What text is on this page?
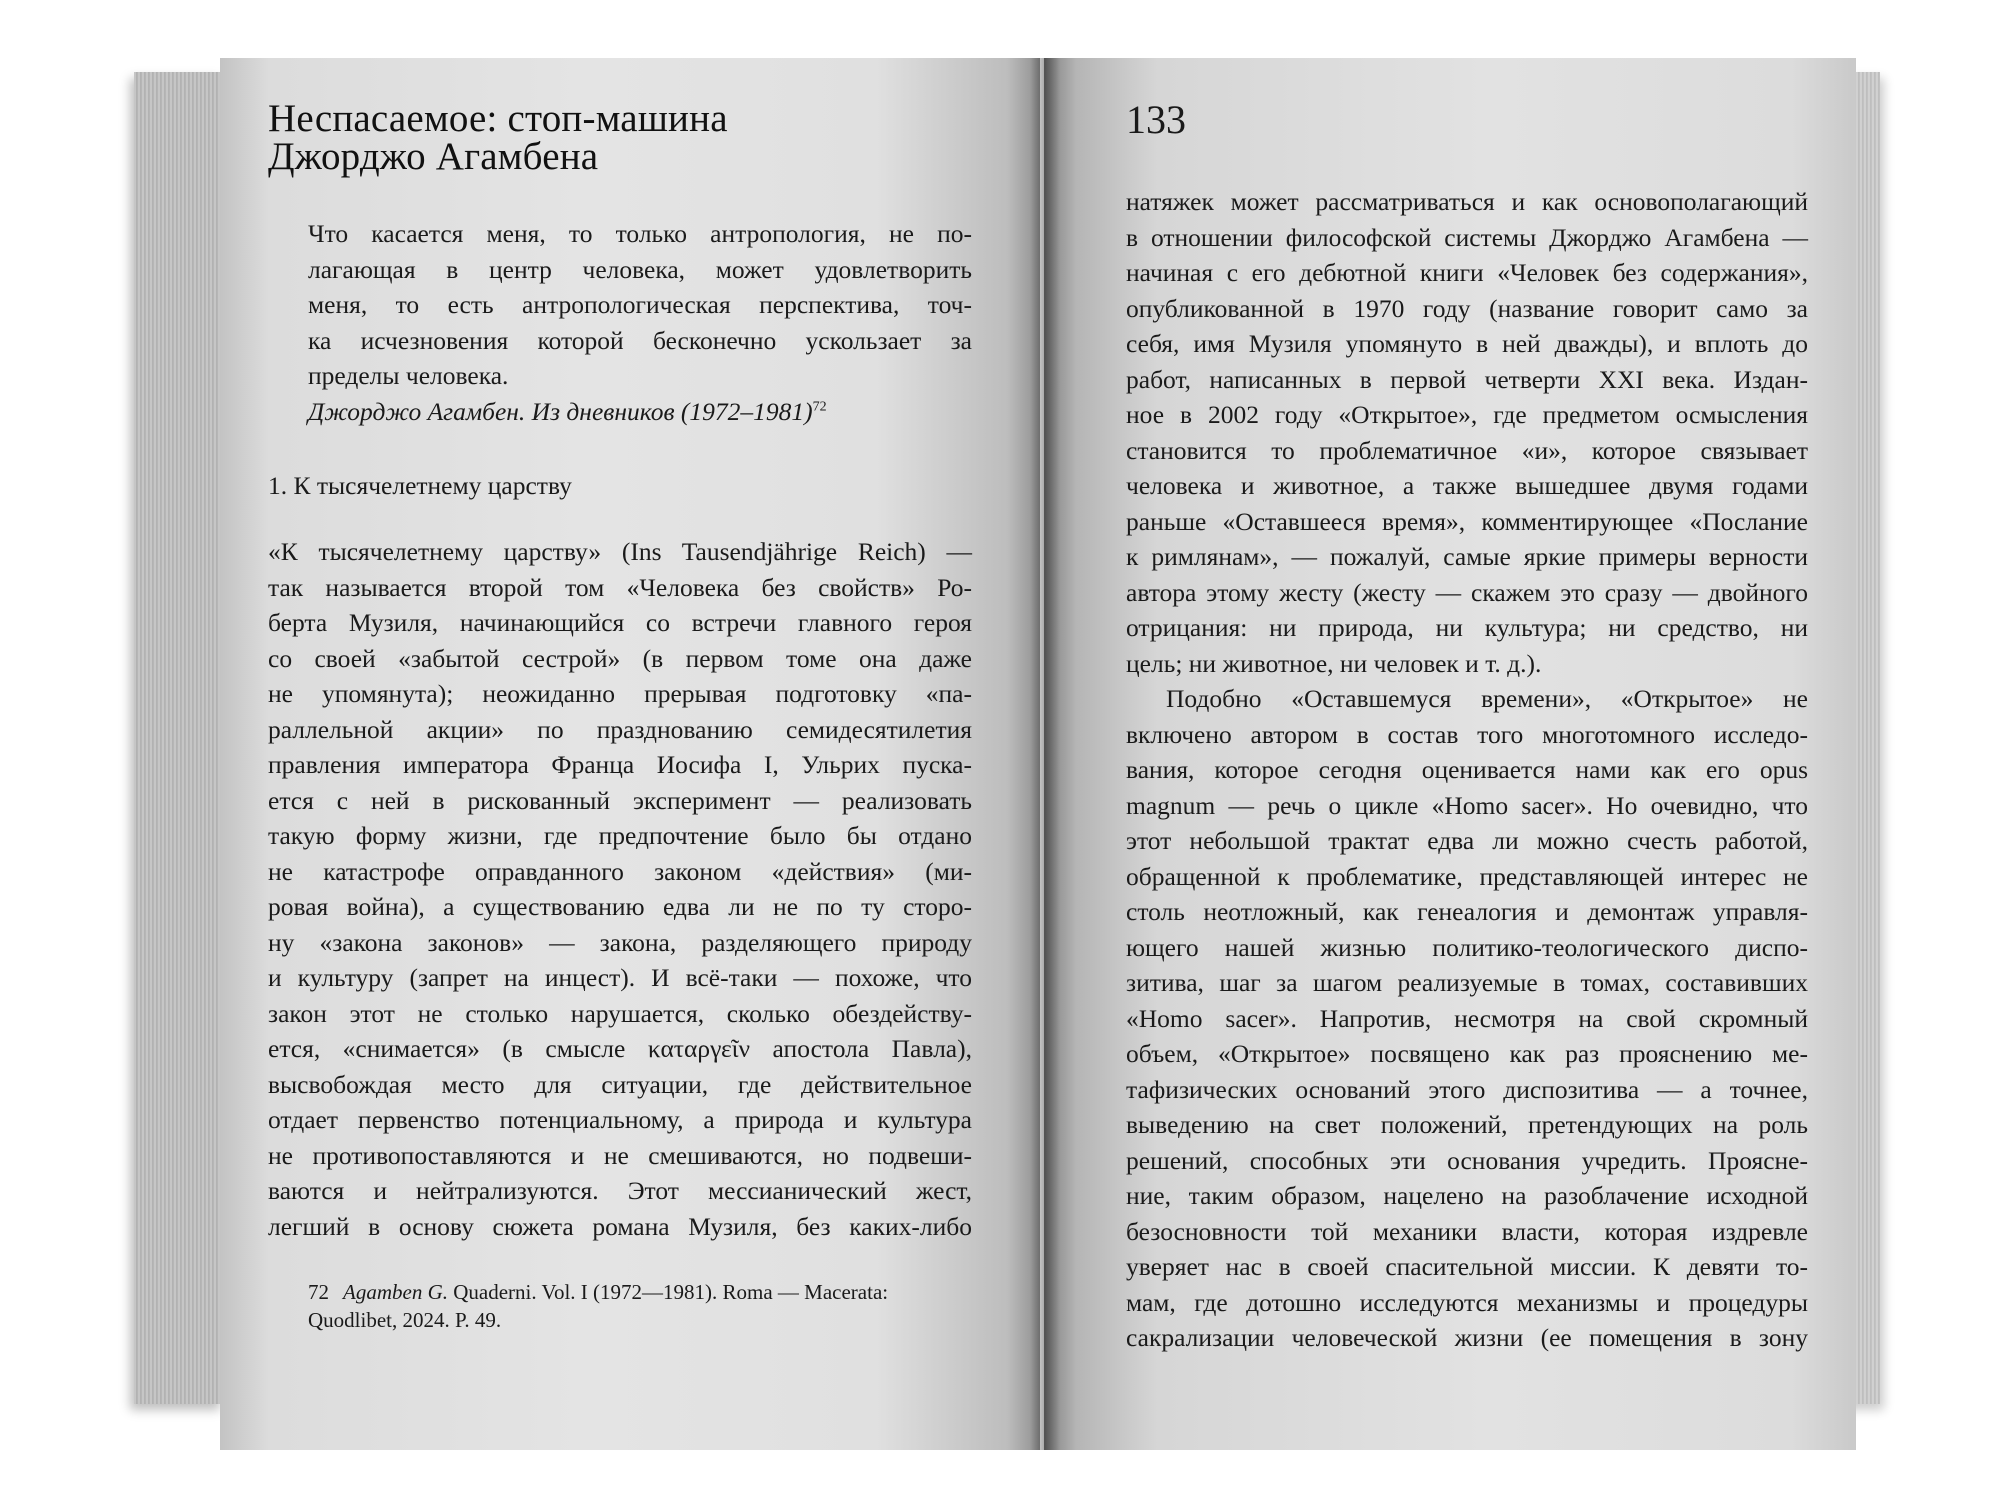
Неспасаемое: стоп-машина
Джорджо Агамбена
Что касается меня, то только антропология, не по-
лагающая в центр человека, может удовлетворить
меня, то есть антропологическая перспектива, точ-
ка исчезновения которой бесконечно ускользает за
пределы человека.
Джорджо Агамбен. Из дневников (1972–1981)$^{72}$
1. К тысячелетнему царству
«К тысячелетнему царству» (Ins Tausendjährige Reich) —
так называется второй том «Человека без свойств» Ро-
берта Музиля, начинающийся со встречи главного героя
со своей «забытой сестрой» (в первом томе она даже
не упомянута); неожиданно прерывая подготовку «па-
раллельной акции» по празднованию семидесятилетия
правления императора Франца Иосифа I, Ульрих пуска-
ется с ней в рискованный эксперимент — реализовать
такую форму жизни, где предпочтение было бы отдано
не катастрофе оправданного законом «действия» (ми-
ровая война), а существованию едва ли не по ту сторо-
ну «закона законов» — закона, разделяющего природу
и культуру (запрет на инцест). И всё-таки — похоже, что
закон этот не столько нарушается, сколько обездейству-
ется, «снимается» (в смысле καταργεῖν апостола Павла),
высвобождая место для ситуации, где действительное
отдает первенство потенциальному, а природа и культура
не противопоставляются и не смешиваются, но подвеши-
ваются и нейтрализуются. Этот мессианический жест,
легший в основу сюжета романа Музиля, без каких-либо
72 Agamben G. Quaderni. Vol. I (1972—1981). Roma — Macerata:
Quodlibet, 2024. P. 49.
133
натяжек может рассматриваться и как основополагающий
в отношении философской системы Джорджо Агамбена —
начиная с его дебютной книги «Человек без содержания»,
опубликованной в 1970 году (название говорит само за
себя, имя Музиля упомянуто в ней дважды), и вплоть до
работ, написанных в первой четверти XXI века. Издан-
ное в 2002 году «Открытое», где предметом осмысления
становится то проблематичное «и», которое связывает
человека и животное, а также вышедшее двумя годами
раньше «Оставшееся время», комментирующее «Послание
к римлянам», — пожалуй, самые яркие примеры верности
автора этому жесту (жесту — скажем это сразу — двойного
отрицания: ни природа, ни культура; ни средство, ни
цель; ни животное, ни человек и т. д.).
Подобно «Оставшемуся времени», «Открытое» не
включено автором в состав того многотомного исследо-
вания, которое сегодня оценивается нами как его opus
magnum — речь о цикле «Homo sacer». Но очевидно, что
этот небольшой трактат едва ли можно счесть работой,
обращенной к проблематике, представляющей интерес не
столь неотложный, как генеалогия и демонтаж управля-
ющего нашей жизнью политико-теологического диспо-
зитива, шаг за шагом реализуемые в томах, составивших
«Homo sacer». Напротив, несмотря на свой скромный
объем, «Открытое» посвящено как раз прояснению ме-
тафизических оснований этого диспозитива — а точнее,
выведению на свет положений, претендующих на роль
решений, способных эти основания учредить. Проясне-
ние, таким образом, нацелено на разоблачение исходной
безосновности той механики власти, которая издревле
уверяет нас в своей спасительной миссии. К девяти то-
мам, где дотошно исследуются механизмы и процедуры
сакрализации человеческой жизни (ее помещения в зону
